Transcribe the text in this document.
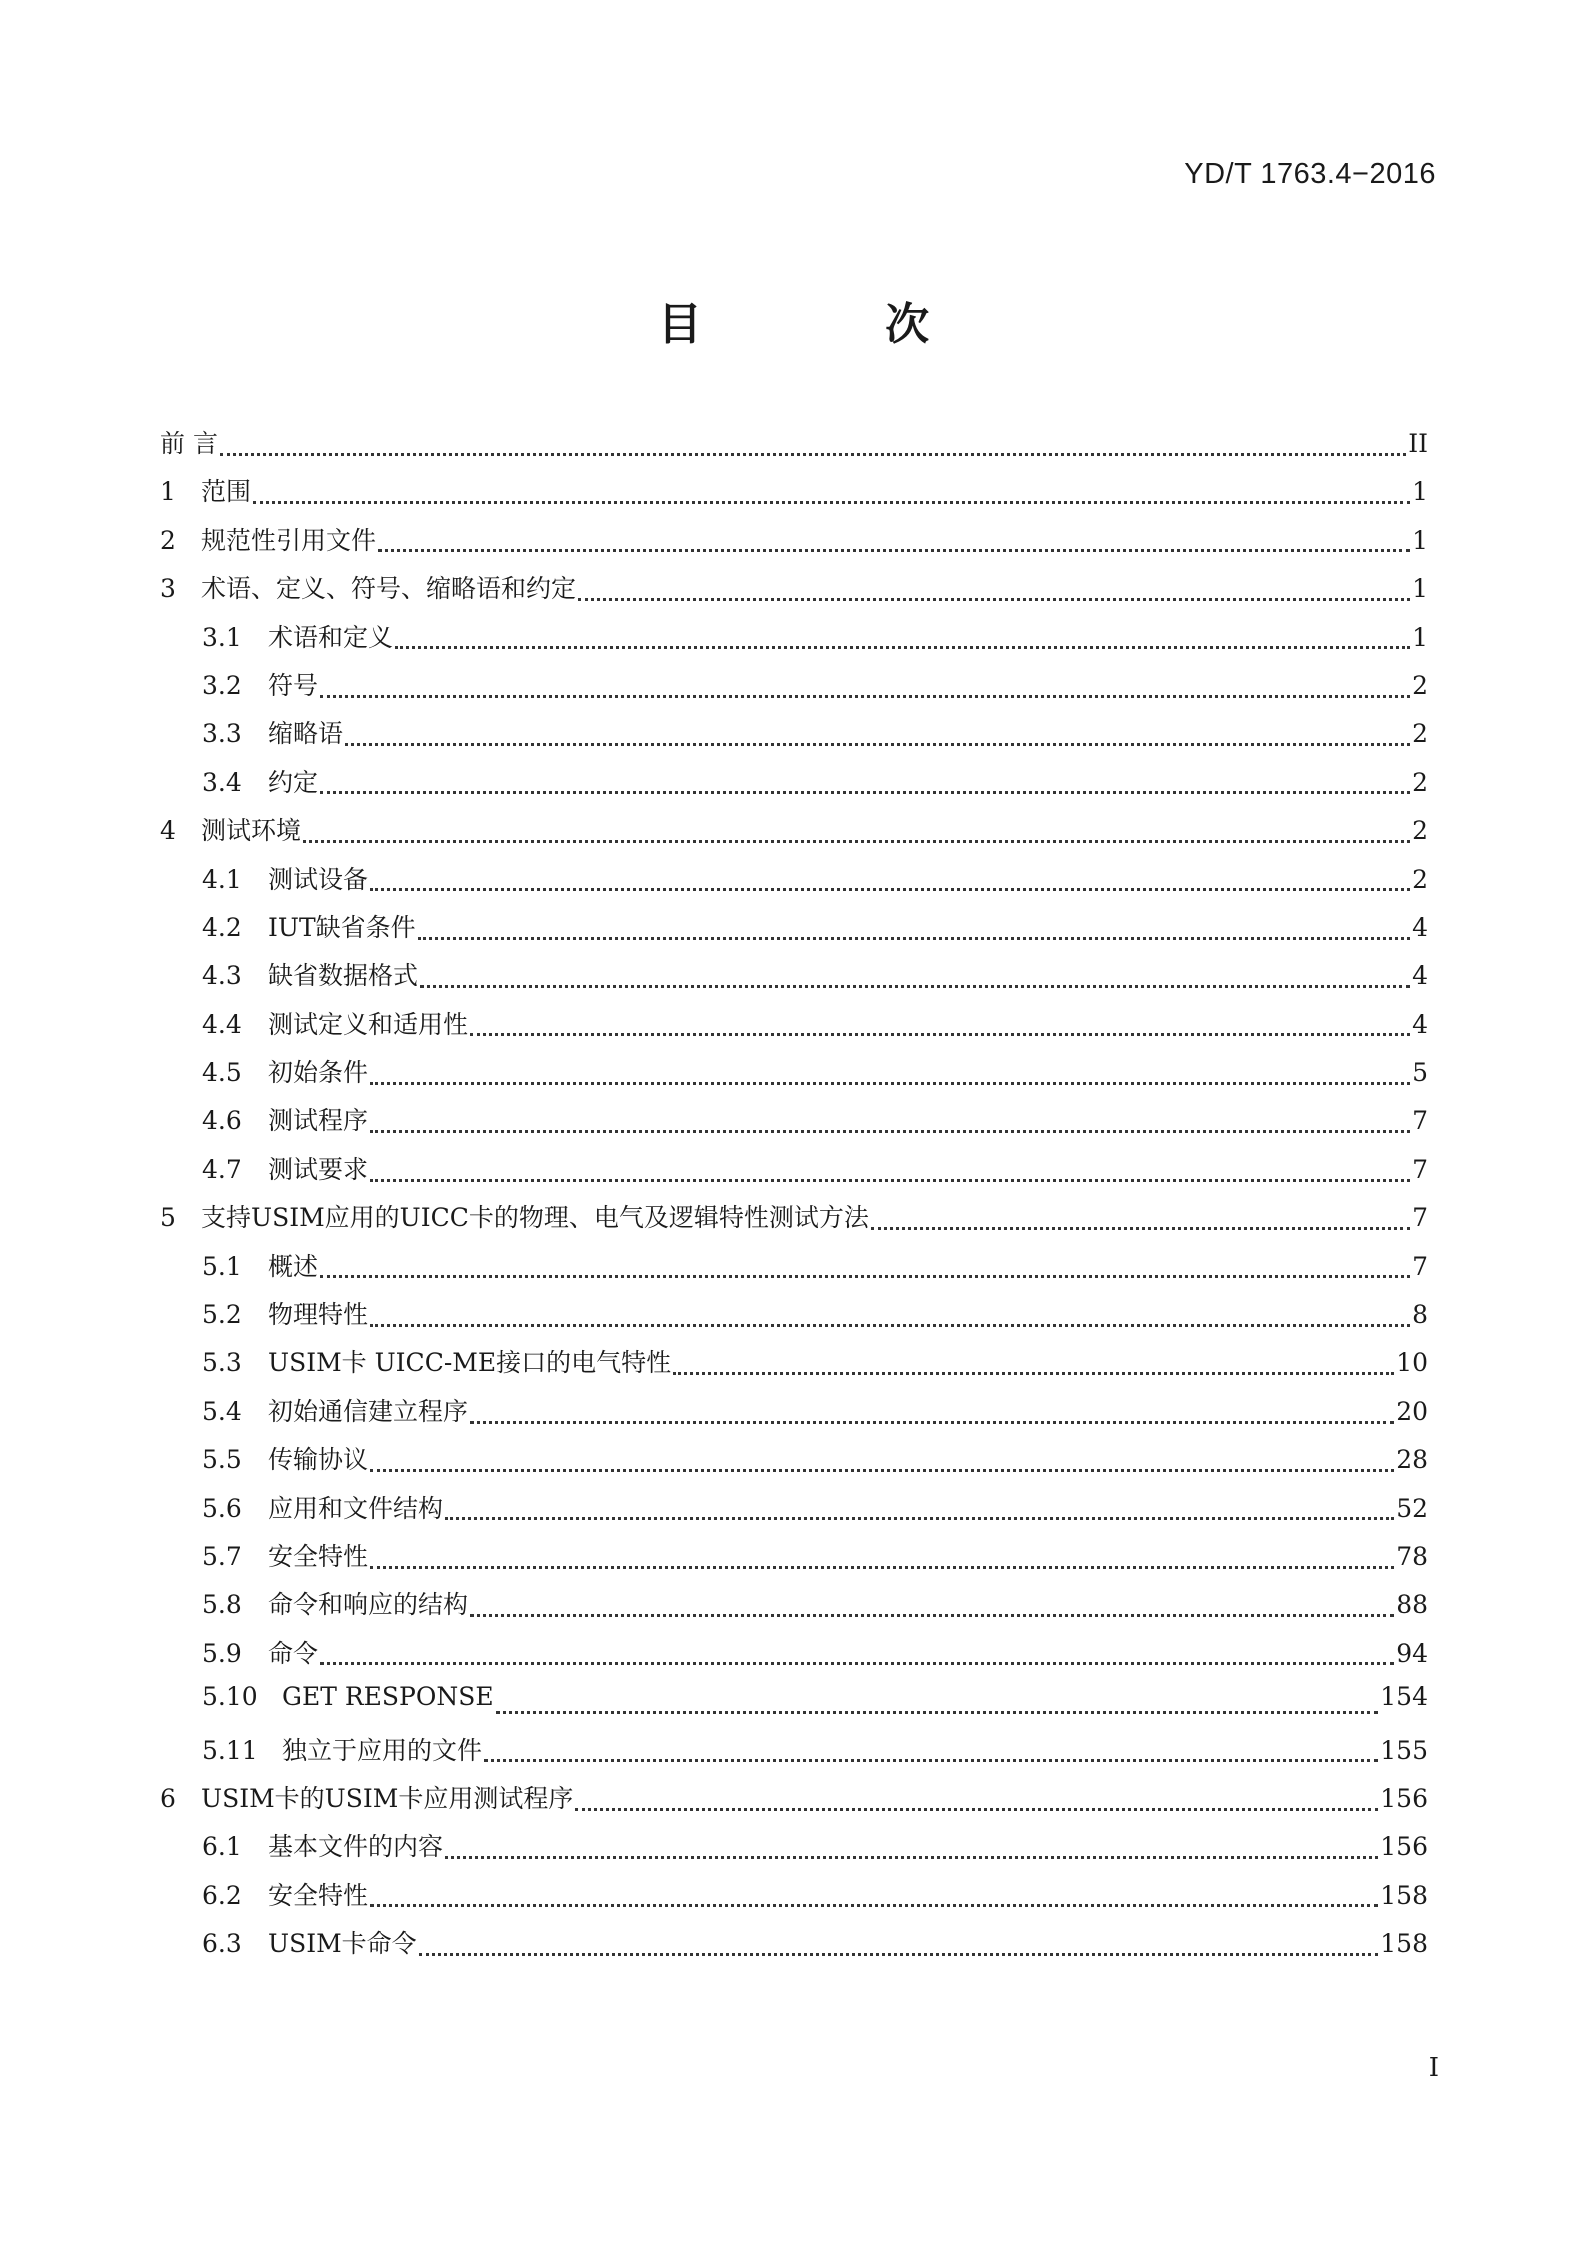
YD/T 1763.4−2016
目 次
前 言	II
1	范围	1
2	规范性引用文件	1
3	术语、定义、符号、缩略语和约定	1
3.1	术语和定义	1
3.2	符号	2
3.3	缩略语	2
3.4	约定	2
4	测试环境	2
4.1	测试设备	2
4.2	IUT缺省条件	4
4.3	缺省数据格式	4
4.4	测试定义和适用性	4
4.5	初始条件	5
4.6	测试程序	7
4.7	测试要求	7
5	支持USIM应用的UICC卡的物理、电气及逻辑特性测试方法	7
5.1	概述	7
5.2	物理特性	8
5.3	USIM卡 UICC-ME接口的电气特性	10
5.4	初始通信建立程序	20
5.5	传输协议	28
5.6	应用和文件结构	52
5.7	安全特性	78
5.8	命令和响应的结构	88
5.9	命令	94
5.10 GET RESPONSE	154
5.11 独立于应用的文件	155
6	USIM卡的USIM卡应用测试程序	156
6.1	基本文件的内容	156
6.2	安全特性	158
6.3	USIM卡命令	158
I
